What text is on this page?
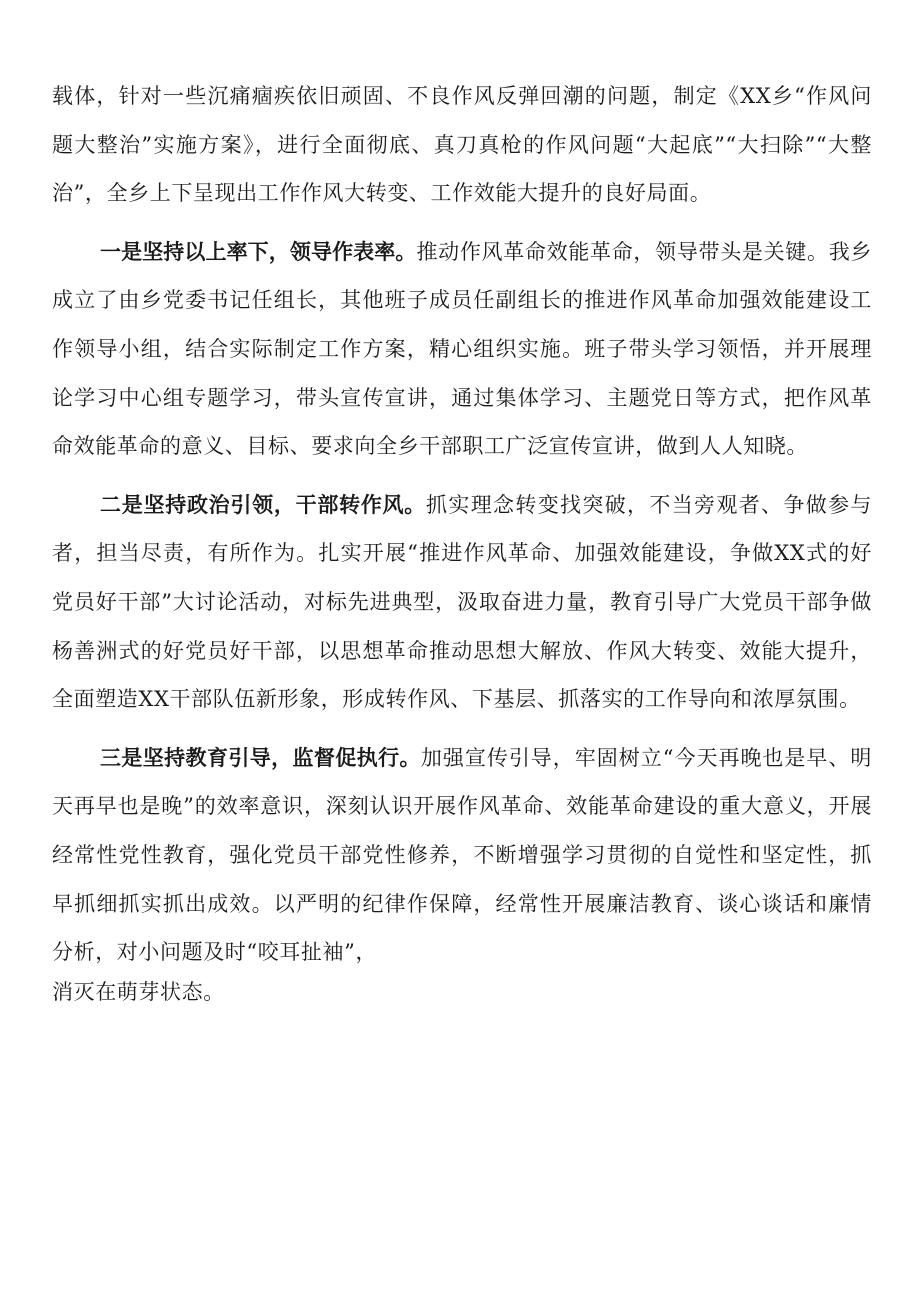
载体，针对一些沉痛痼疾依旧顽固、不良作风反弹回潮的问题，制定《XX乡“作风问题大整治”实施方案》，进行全面彻底、真刀真枪的作风问题“大起底”“大扫除”“大整治”，全乡上下呈现出工作作风大转变、工作效能大提升的良好局面。

一是坚持以上率下，领导作表率。推动作风革命效能革命，领导带头是关键。我乡成立了由乡党委书记任组长，其他班子成员任副组长的推进作风革命加强效能建设工作领导小组，结合实际制定工作方案，精心组织实施。班子带头学习领悟，并开展理论学习中心组专题学习，带头宣传宣讲，通过集体学习、主题党日等方式，把作风革命效能革命的意义、目标、要求向全乡干部职工广泛宣传宣讲，做到人人知晓。

二是坚持政治引领，干部转作风。抓实理念转变找突破，不当旁观者、争做参与者，担当尽责，有所作为。扎实开展“推进作风革命、加强效能建设，争做XX式的好党员好干部”大讨论活动，对标先进典型，汲取奋进力量，教育引导广大党员干部争做杨善洲式的好党员好干部，以思想革命推动思想大解放、作风大转变、效能大提升，全面塑造XX干部队伍新形象，形成转作风、下基层、抓落实的工作导向和浓厚氛围。

三是坚持教育引导，监督促执行。加强宣传引导，牢固树立“今天再晚也是早、明天再早也是晚”的效率意识，深刻认识开展作风革命、效能革命建设的重大意义，开展经常性党性教育，强化党员干部党性修养，不断增强学习贯彻的自觉性和坚定性，抓早抓细抓实抓出成效。以严明的纪律作保障，经常性开展廉洁教育、谈心谈话和廉情分析，对小问题及时“咬耳扯袖”，

消灭在萌芽状态。
